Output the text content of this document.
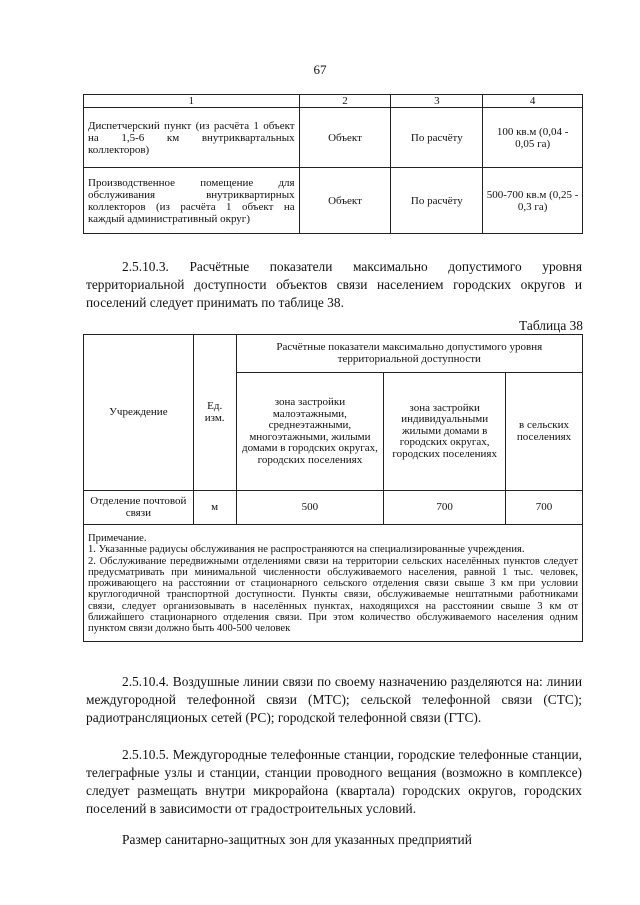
67
1	2	3	4
Диспетчерский пункт (из расчёта 1 объект на 1,5-6 км внутриквартальных коллекторов)	Объект	По расчёту	100 кв.м (0,04 - 0,05 га)
Производственное помещение для обслуживания внутриквартирных коллекторов (из расчёта 1 объект на каждый административный округ)	Объект	По расчёту	500-700 кв.м (0,25 - 0,3 га)

2.5.10.3. Расчётные показатели максимально допустимого уровня территориальной доступности объектов связи населением городских округов и поселений следует принимать по таблице 38.

Таблица 38
Учреждение	Ед. изм.	Расчётные показатели максимально допустимого уровня территориальной доступности		
		зона застройки малоэтажными, среднеэтажными, многоэтажными, жилыми домами в городских округах, городских поселениях	зона застройки индивидуальными жилыми домами в городских округах, городских поселениях	в сельских поселениях
Отделение почтовой связи	м	500	700	700

Примечание.

1. Указанные радиусы обслуживания не распространяются на специализированные учреждения.

2. Обслуживание передвижными отделениями связи на территории сельских населённых пунктов следует предусматривать при минимальной численности обслуживаемого населения, равной 1 тыс. человек, проживающего на расстоянии от стационарного сельского отделения связи свыше 3 км при условии круглогодичной транспортной доступности. Пункты связи, обслуживаемые нештатными работниками связи, следует организовывать в населённых пунктах, находящихся на расстоянии свыше 3 км от ближайшего стационарного отделения связи. При этом количество обслуживаемого населения одним пунктом связи должно быть 400-500 человек				

2.5.10.4. Воздушные линии связи по своему назначению разделяются на: линии междугородной телефонной связи (МТС); сельской телефонной связи (СТС); радиотрансляционых сетей (РС); городской телефонной связи (ГТС).

2.5.10.5. Междугородные телефонные станции, городские телефонные станции, телеграфные узлы и станции, станции проводного вещания (возможно в комплексе) следует размещать внутри микрорайона (квартала) городских округов, городских поселений в зависимости от градостроительных условий.

Размер санитарно-защитных зон для указанных предприятий
